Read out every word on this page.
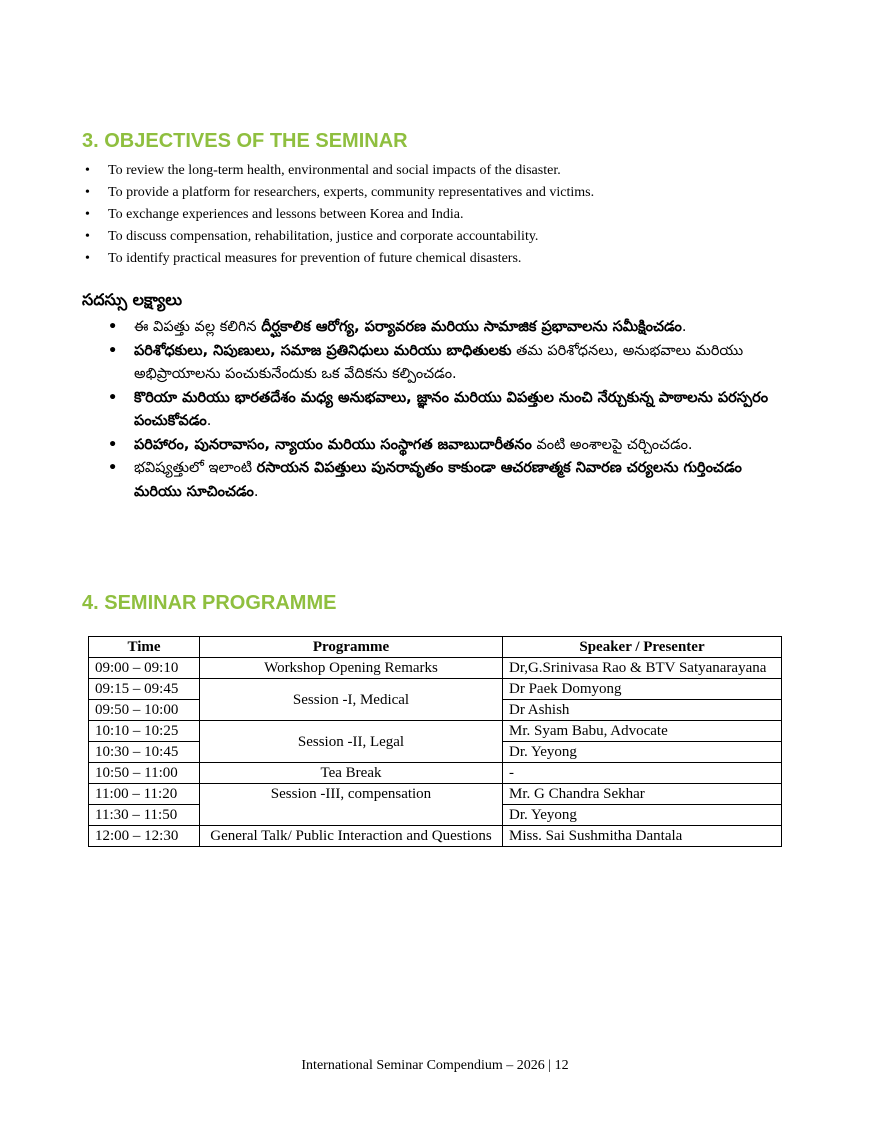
3. OBJECTIVES OF THE SEMINAR
• To review the long-term health, environmental and social impacts of the disaster.
• To provide a platform for researchers, experts, community representatives and victims.
• To exchange experiences and lessons between Korea and India.
• To discuss compensation, rehabilitation, justice and corporate accountability.
• To identify practical measures for prevention of future chemical disasters.
సదస్సు లక్ష్యాలు
• ఈ విపత్తు వల్ల కలిగిన దీర్ఘకాలిక ఆరోగ్య, పర్యావరణ మరియు సామాజిక ప్రభావాలను సమీక్షించడం.
• పరిశోధకులు, నిపుణులు, సమాజ ప్రతినిధులు మరియు బాధితులకు తమ పరిశోధనలు, అనుభవాలు మరియు అభిప్రాయాలను పంచుకునేందుకు ఒక వేదికను కల్పించడం.
• కొరియా మరియు భారతదేశం మధ్య అనుభవాలు, జ్ఞానం మరియు విపత్తుల నుంచి నేర్చుకున్న పాఠాలను పరస్పరం పంచుకోవడం.
• పరిహారం, పునరావాసం, న్యాయం మరియు సంస్థాగత జవాబుదారీతనం వంటి అంశాలపై చర్చించడం.
• భవిష్యత్తులో ఇలాంటి రసాయన విపత్తులు పునరావృతం కాకుండా ఆచరణాత్మక నివారణ చర్యలను గుర్తించడం మరియు సూచించడం.
4. SEMINAR PROGRAMME
Time	Programme	Speaker / Presenter
09:00 – 09:10	Workshop Opening Remarks	Dr,G.Srinivasa Rao & BTV Satyanarayana
09:15 – 09:45	Session -I, Medical	Dr Paek Domyong
09:50 – 10:00		Dr Ashish
10:10 – 10:25	Session -II, Legal	Mr. Syam Babu, Advocate
10:30 – 10:45		Dr. Yeyong
10:50 – 11:00	Tea Break	-
11:00 – 11:20	Session -III, compensation	Mr. G Chandra Sekhar
11:30 – 11:50		Dr. Yeyong
12:00 – 12:30	General Talk/ Public Interaction and Questions	Miss. Sai Sushmitha Dantala
International Seminar Compendium – 2026 | 12
